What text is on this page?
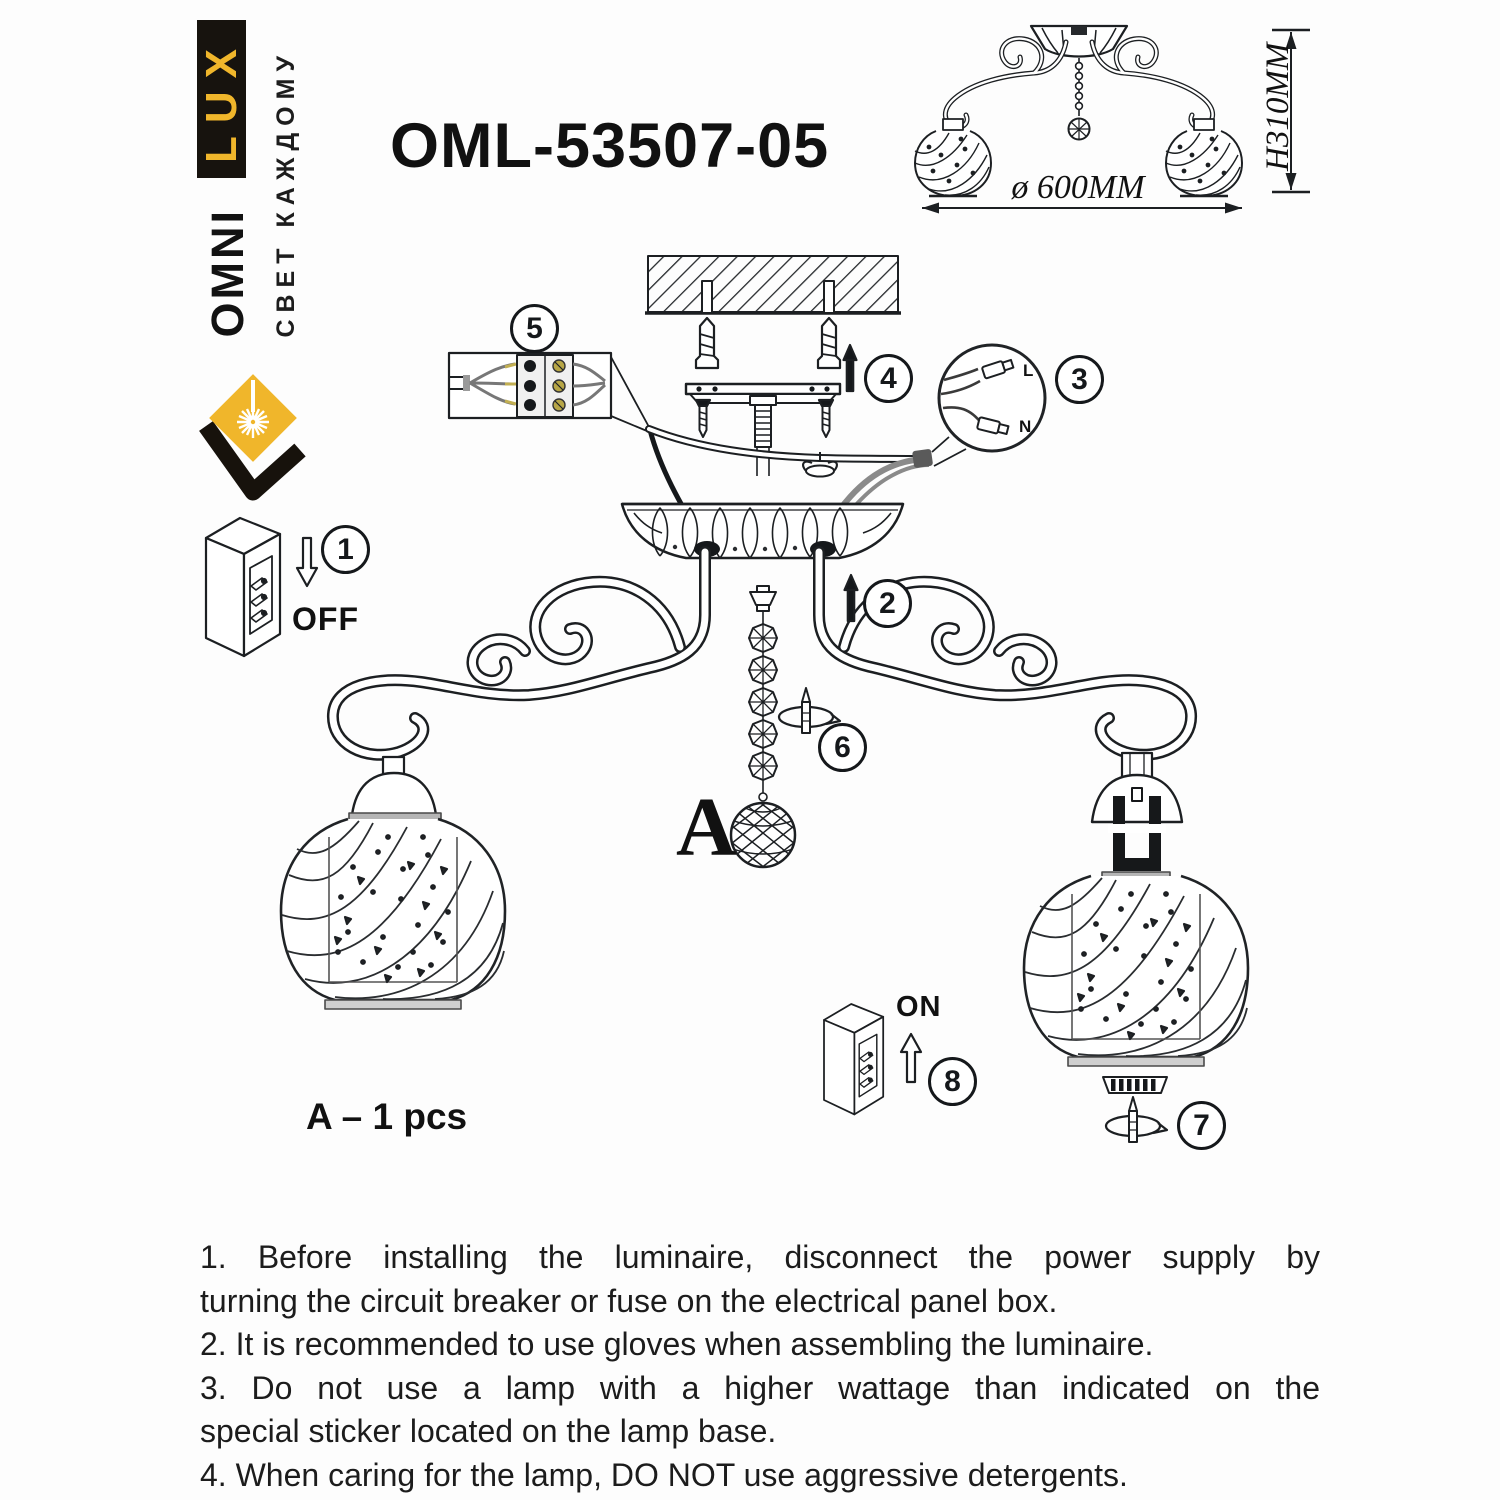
LUX
OMNI СВЕТ КАЖДОМУ OML-53507-05
ø 600MM
H310MM
1
2
3
4
5
6
7
8
OFF
ON
A
A – 1 pcs
L
N
1. Before installing the luminaire, disconnect the power supply by
turning the circuit breaker or fuse on the electrical panel box.
2. It is recommended to use gloves when assembling the luminaire.
3. Do not use a lamp with a higher wattage than indicated on the
special sticker located on the lamp base.
4. When caring for the lamp, DO NOT use aggressive detergents.
